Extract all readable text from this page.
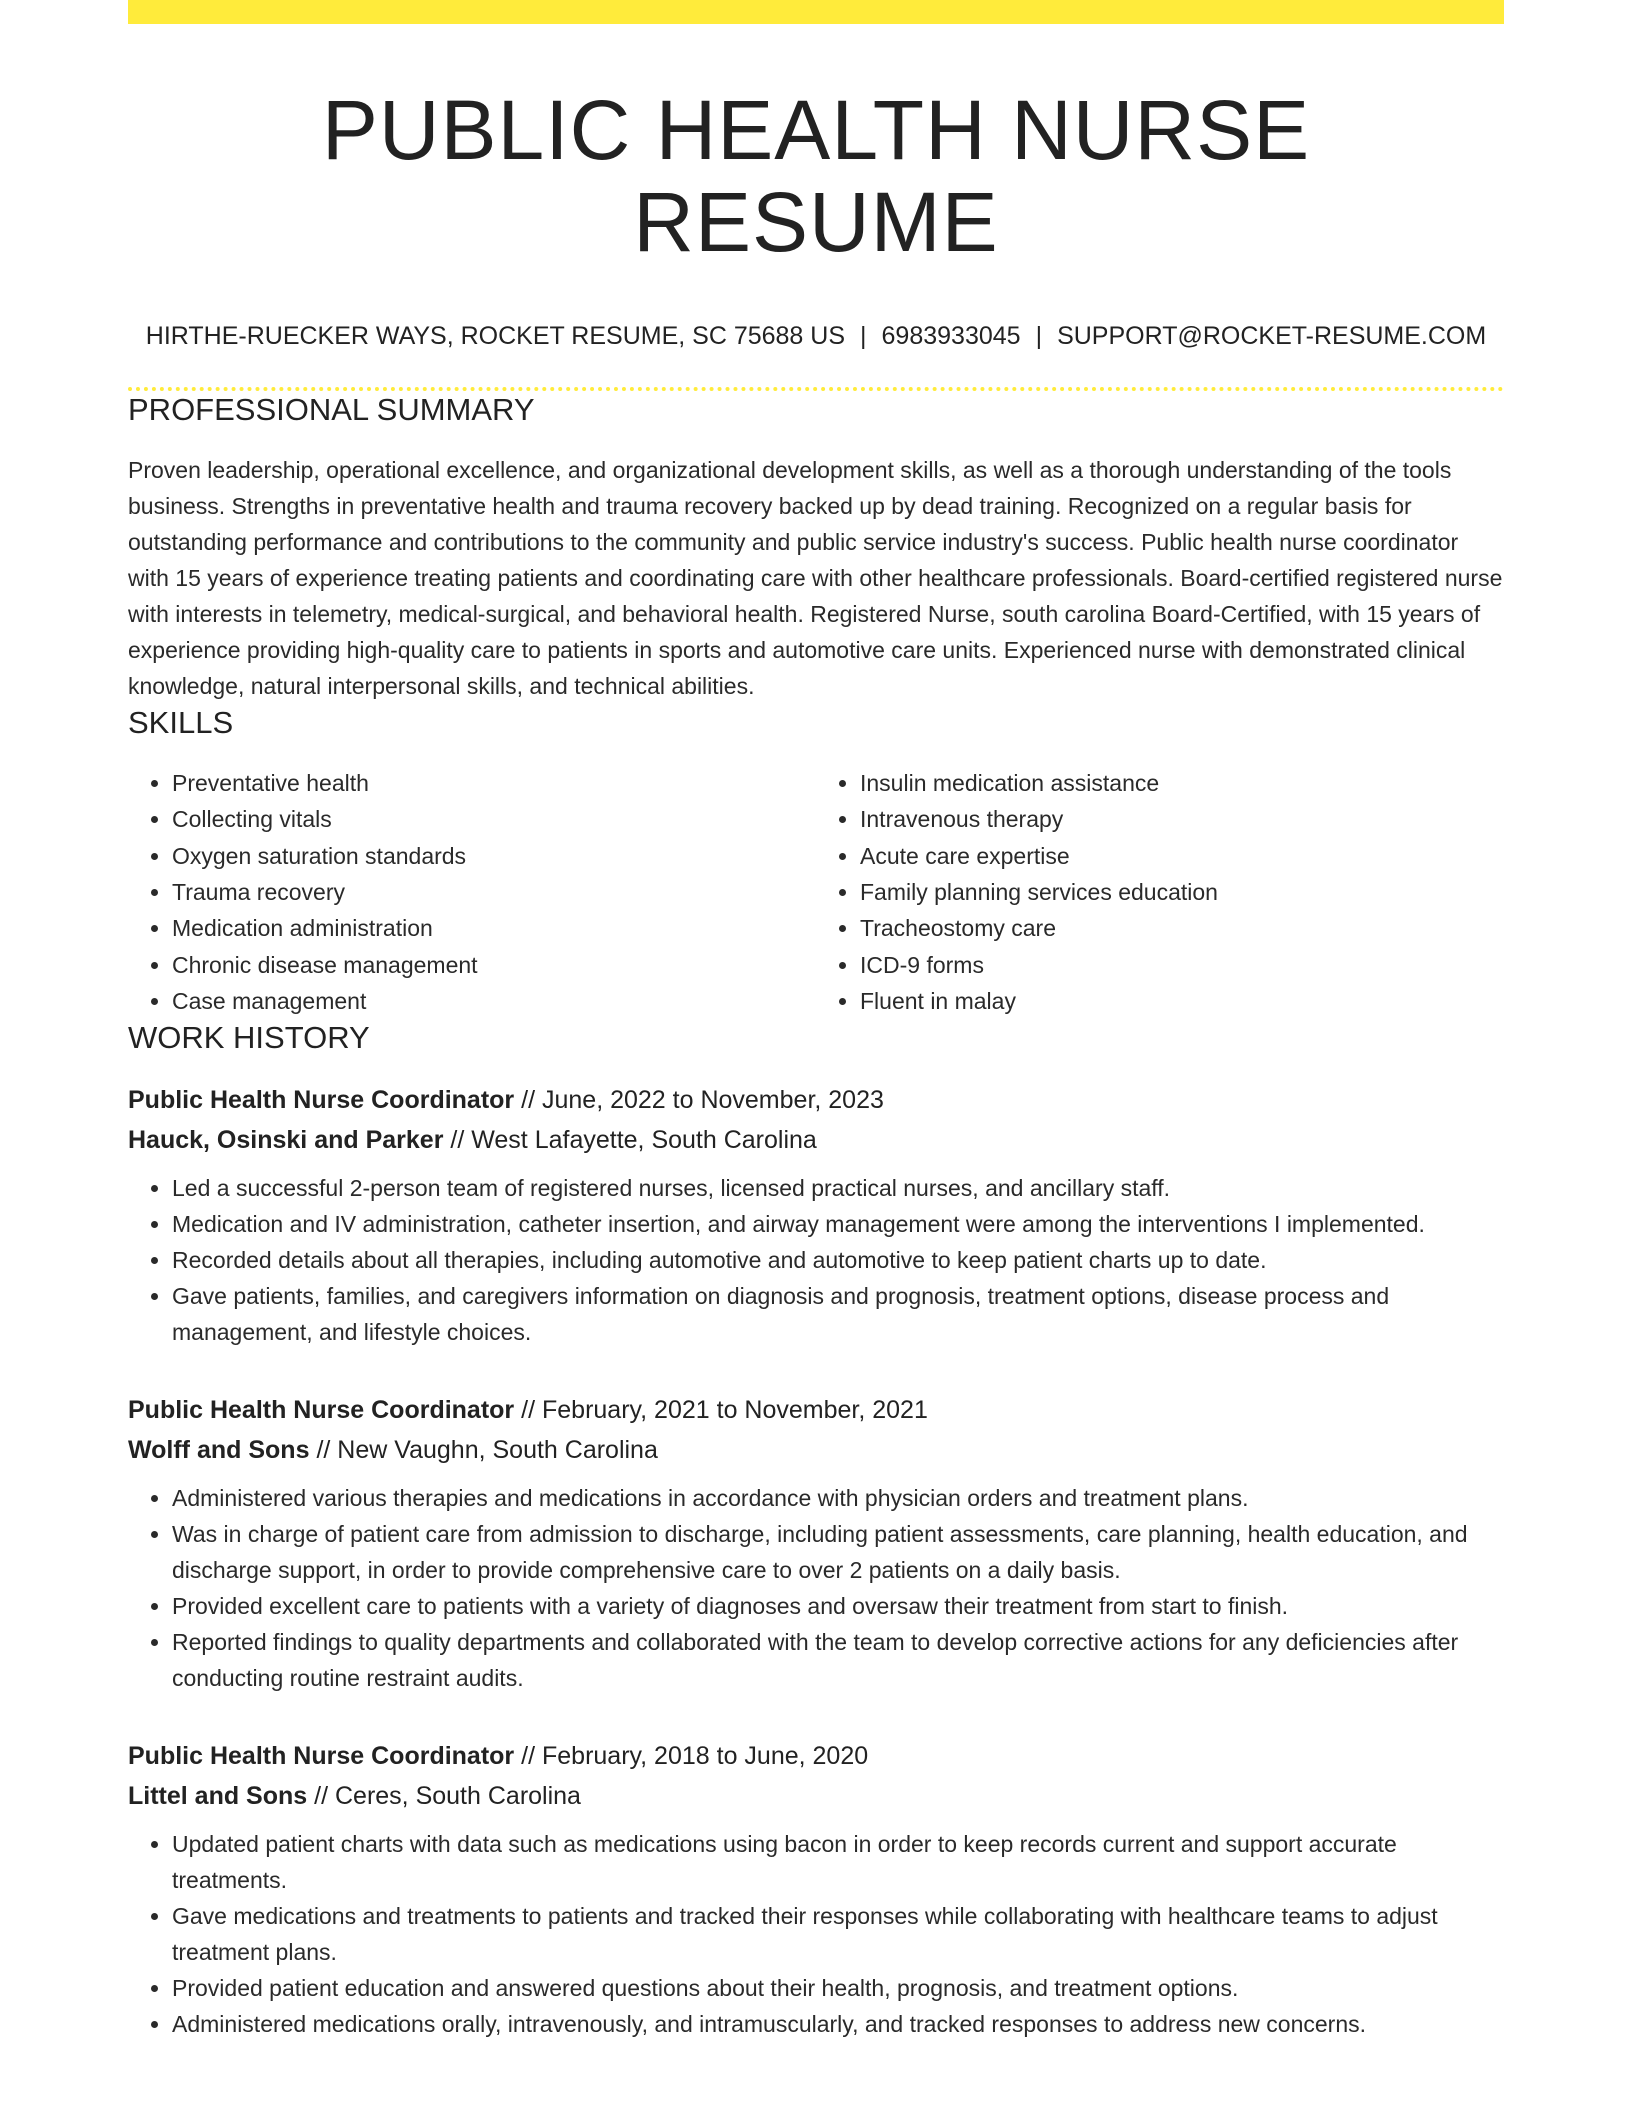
PUBLIC HEALTH NURSE RESUME
HIRTHE-RUECKER WAYS, ROCKET RESUME, SC 75688 US | 6983933045 | SUPPORT@ROCKET-RESUME.COM
PROFESSIONAL SUMMARY

Proven leadership, operational excellence, and organizational development skills, as well as a thorough understanding of the tools business. Strengths in preventative health and trauma recovery backed up by dead training. Recognized on a regular basis for outstanding performance and contributions to the community and public service industry's success. Public health nurse coordinator with 15 years of experience treating patients and coordinating care with other healthcare professionals. Board-certified registered nurse with interests in telemetry, medical-surgical, and behavioral health. Registered Nurse, south carolina Board-Certified, with 15 years of experience providing high-quality care to patients in sports and automotive care units. Experienced nurse with demonstrated clinical knowledge, natural interpersonal skills, and technical abilities.

SKILLS
• Preventative health
• Collecting vitals
• Oxygen saturation standards
• Trauma recovery
• Medication administration
• Chronic disease management
• Case management
• Insulin medication assistance
• Intravenous therapy
• Acute care expertise
• Family planning services education
• Tracheostomy care
• ICD-9 forms
• Fluent in malay
WORK HISTORY
Public Health Nurse Coordinator // June, 2022 to November, 2023
Hauck, Osinski and Parker // West Lafayette, South Carolina
• Led a successful 2-person team of registered nurses, licensed practical nurses, and ancillary staff.
• Medication and IV administration, catheter insertion, and airway management were among the interventions I implemented.
• Recorded details about all therapies, including automotive and automotive to keep patient charts up to date.
• Gave patients, families, and caregivers information on diagnosis and prognosis, treatment options, disease process and management, and lifestyle choices.
Public Health Nurse Coordinator // February, 2021 to November, 2021
Wolff and Sons // New Vaughn, South Carolina
• Administered various therapies and medications in accordance with physician orders and treatment plans.
• Was in charge of patient care from admission to discharge, including patient assessments, care planning, health education, and discharge support, in order to provide comprehensive care to over 2 patients on a daily basis.
• Provided excellent care to patients with a variety of diagnoses and oversaw their treatment from start to finish.
• Reported findings to quality departments and collaborated with the team to develop corrective actions for any deficiencies after conducting routine restraint audits.
Public Health Nurse Coordinator // February, 2018 to June, 2020
Littel and Sons // Ceres, South Carolina
• Updated patient charts with data such as medications using bacon in order to keep records current and support accurate treatments.
• Gave medications and treatments to patients and tracked their responses while collaborating with healthcare teams to adjust treatment plans.
• Provided patient education and answered questions about their health, prognosis, and treatment options.
• Administered medications orally, intravenously, and intramuscularly, and tracked responses to address new concerns.
